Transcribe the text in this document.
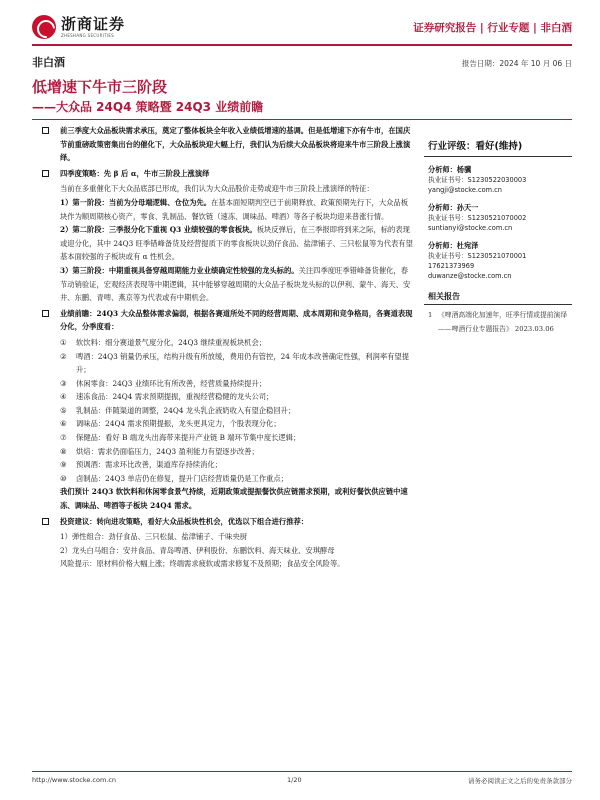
浙商证券
ZHESHANG SECURITIES
证券研究报告 | 行业专题 | 非白酒
非白酒	报告日期：2024 年 10 月 06 日
低增速下牛市三阶段
——大众品 24Q4 策略暨 24Q3 业绩前瞻
前三季度大众品板块需求承压，奠定了整体板块全年收入业绩低增速的基调。但是低增速下亦有牛市，在国庆节前重磅政策密集出台的催化下，大众品板块迎大幅上行，我们认为后续大众品板块将迎来牛市三阶段上涨演绎。
四季度策略：先 β 后 α，牛市三阶段上涨演绎
当前在多重催化下大众品底部已形成，我们认为大众品股价走势或迎牛市三阶段上涨演绎的特征：
1）第一阶段：当前为分母端逻辑、仓位为先。在基本面短期判空已于前期释放、政策预期先行下，大众品板块作为顺周期核心资产，零食、乳制品、餐饮链（速冻、调味品、啤酒）等各子板块均迎来普涨行情。
2）第二阶段：三季报分化下重视 Q3 业绩较强的零食板块。板块反弹后，在三季报即将到来之际，标的表现或迎分化，其中 24Q3 旺季错峰备货及经营提质下的零食板块以劲仔食品、盐津铺子、三只松鼠等为代表有望基本面较强的子板块或有 α 性机会。
3）第三阶段：中期重视具备穿越周期能力业业绩确定性较强的龙头标的。关注四季度旺季错峰备货催化，春节动销验证，宏观经济表现等中期逻辑，其中能够穿越周期的大众品子板块龙头标的以伊利、蒙牛、海天、安井、东鹏、青啤、燕京等为代表或有中期机会。
业绩前瞻：24Q3 大众品整体需求偏弱，根据各赛道所处不同的经营周期、成本周期和竞争格局，各赛道表现分化，分季度看：
① 软饮料：细分赛道景气度分化，24Q3 继续重视板块机会；
② 啤酒：24Q3 销量仍承压，结构升级有所放缓，费用仍有管控，24 年成本改善确定性强，利润率有望提升；
③ 休闲零食：24Q3 业绩环比有所改善，经营质量持续提升；
④ 速冻食品：24Q4 需求预期提振，重视经营稳健的龙头公司；
⑤ 乳制品：伴随渠道的调整，24Q4 龙头乳企液奶收入有望企稳回升；
⑥ 调味品：24Q4 需求预期提振，龙头更具定力，个股表现分化；
⑦ 保健品：看好 B 端龙头出海带来提升产业链 B 端环节集中度长逻辑；
⑧ 烘焙：需求仍面临压力，24Q3 盈利能力有望逐步改善；
⑨ 预调酒：需求环比改善，渠道库存持续消化；
⑩ 卤制品：24Q3 单店仍在修复，提升门店经营质量仍是工作重点；
我们预计 24Q3 软饮料和休闲零食景气持续，近期政策或提振餐饮供应链需求预期，或利好餐饮供应链中速冻、调味品、啤酒等子板块 24Q4 需求。
投资建议：转向进攻策略，看好大众品板块性机会，优选以下组合进行推荐：
1）弹性组合：劲仔食品、三只松鼠、盐津铺子、千味央厨
2）龙头白马组合：安井食品、青岛啤酒、伊利股份、东鹏饮料、海天味业、安琪酵母
风险提示：原材料价格大幅上涨；终端需求疲软或需求修复不及预期；食品安全风险等。
行业评级：看好(维持)
分析师：杨骥
执业证书号：S1230522030003
yangji@stocke.com.cn
分析师：孙天一
执业证书号：S1230521070002
suntianyi@stocke.com.cn
分析师：杜宛泽
执业证书号：S1230521070001
17621373969
duwanze@stocke.com.cn
相关报告
1 《啤酒高端化加速年，旺季行情或提前演绎——啤酒行业专题报告》 2023.03.06
http://www.stocke.com.cn	1/20	请务必阅读正文之后的免责条款部分
